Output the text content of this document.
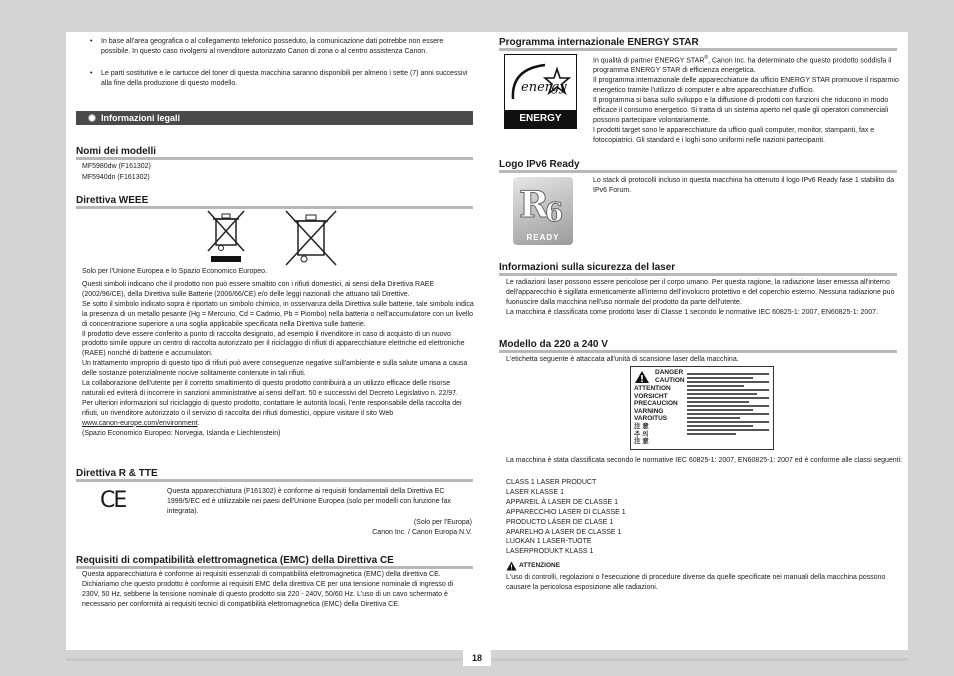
• In base all'area geografica o al collegamento telefonico posseduto, la comunicazione dati potrebbe non essere possibile. In questo caso rivolgersi al rivenditore autorizzato Canon di zona o al centro assistenza Canon.
• Le parti sostitutive e le cartucce del toner di questa macchina saranno disponibili per almeno i sette (7) anni successivi alla fine della produzione di questo modello.
Informazioni legali
Nomi dei modelli
MF5980dw (F161302)
MF5940dn (F161302)
Direttiva WEEE
Solo per l'Unione Europea e lo Spazio Economico Europeo.
Questi simboli indicano che il prodotto non può essere smaltito con i rifiuti domestici, ai sensi della Direttiva RAEE (2002/96/CE), della Direttiva sulle Batterie (2006/66/CE) e/o delle leggi nazionali che attuano tali Direttive.
Se sotto il simbolo indicato sopra è riportato un simbolo chimico, in osservanza della Direttiva sulle batterie, tale simbolo indica la presenza di un metallo pesante (Hg = Mercurio, Cd = Cadmio, Pb = Piombo) nella batteria o nell'accumulatore con un livello di concentrazione superiore a una soglia applicabile specificata nella Direttiva sulle batterie.
Il prodotto deve essere conferito a punto di raccolta designato, ad esempio il rivenditore in caso di acquisto di un nuovo prodotto simile oppure un centro di raccolta autorizzato per il riciclaggio di rifiuti di apparecchiature elettriche ed elettroniche (RAEE) nonché di batterie e accumulatori.
Un trattamento improprio di questo tipo di rifiuti può avere conseguenze negative sull'ambiente e sulla salute umana a causa delle sostanze potenzialmente nocive solitamente contenute in tali rifiuti.
La collaborazione dell'utente per il corretto smaltimento di questo prodotto contribuirà a un utilizzo efficace delle risorse naturali ed eviterà di incorrere in sanzioni amministrative ai sensi dell'art. 50 e successivi del Decreto Legislativo n. 22/97.
Per ulteriori informazioni sul riciclaggio di questo prodotto, contattare le autorità locali, l'ente responsabile della raccolta dei rifiuti, un rivenditore autorizzato o il servizio di raccolta dei rifiuti domestici, oppure visitare il sito Web
www.canon-europe.com/environment.
(Spazio Economico Europeo: Norvegia, Islanda e Liechtenstein)
Direttiva R & TTE
CE	Questa apparecchiatura (F161302) è conforme ai requisiti fondamentali della Direttiva EC 1999/5/EC ed è utilizzabile nei paesi dell'Unione Europea (solo per modelli con funzione fax integrata).
(Solo per l'Europa)
Canon Inc. / Canon Europa N.V.
Requisiti di compatibilità elettromagnetica (EMC) della Direttiva CE
Questa apparecchiatura è conforme ai requisiti essenziali di compatibilità elettromagnetica (EMC) della direttiva CE. Dichiariamo che questo prodotto è conforme ai requisiti EMC della direttiva CE per una tensione nominale di ingresso di 230V, 50 Hz, sebbene la tensione nominale di questo prodotto sia 220 - 240V, 50/60 Hz. L'uso di un cavo schermato è necessario per conformità ai requisiti tecnici di compatibilità elettromagnetica (EMC) della Direttiva CE.
Programma internazionale ENERGY STAR
energy
ENERGY STAR
In qualità di partner ENERGY STAR®, Canon Inc. ha determinato che questo prodotto soddisfa il programma ENERGY STAR di efficienza energetica.
Il programma internazionale delle apparecchiature da ufficio ENERGY STAR promuove il risparmio energetico tramite l'utilizzo di computer e altre apparecchiature d'ufficio.
Il programma si basa sullo sviluppo e la diffusione di prodotti con funzioni che riducono in modo efficace il consumo energetico. Si tratta di un sistema aperto nel quale gli operatori commerciali possono partecipare volontariamente.
I prodotti target sono le apparecchiature da ufficio quali computer, monitor, stampanti, fax e fotocopiatrici. Gli standard e i loghi sono uniformi nelle nazioni partecipanti.
Logo IPv6 Ready
R
6
READY
Lo stack di protocolli incluso in questa macchina ha ottenuto il logo IPv6 Ready fase 1 stabilito da IPv6 Forum.
Informazioni sulla sicurezza del laser
Le radiazioni laser possono essere pericolose per il corpo umano. Per questa ragione, la radiazione laser emessa all'interno dell'apparecchio è sigillata ermeticamente all'interno dell'involucro protettivo e del coperchio esterno. Nessuna radiazione può fuoriuscire dalla macchina nell'uso normale del prodotto da parte dell'utente.
La macchina è classificata come prodotto laser di Classe 1 secondo le normative IEC 60825-1: 2007, EN60825-1: 2007.
Modello da 220 a 240 V
L'etichetta seguente è attaccata all'unità di scansione laser della macchina.
DANGER
CAUTION
ATTENTION
VORSICHT
PRECAUCION
VARNING
VAROITUS
注 意
주 의
注 意
La macchina è stata classificata secondo le normative IEC 60825-1: 2007, EN60825-1: 2007 ed è conforme alle classi seguenti:
CLASS 1 LASER PRODUCT
LASER KLASSE 1
APPAREIL À LASER DE CLASSE 1
APPARECCHIO LASER DI CLASSE 1
PRODUCTO LÁSER DE CLASE 1
APARELHO A LASER DE CLASSE 1
LUOKAN 1 LASER-TUOTE
LASERPRODUKT KLASS 1
ATTENZIONE
L'uso di controlli, regolazioni o l'esecuzione di procedure diverse da quelle specificate nei manuali della macchina possono causare la pericolosa esposizione alle radiazioni.
18
